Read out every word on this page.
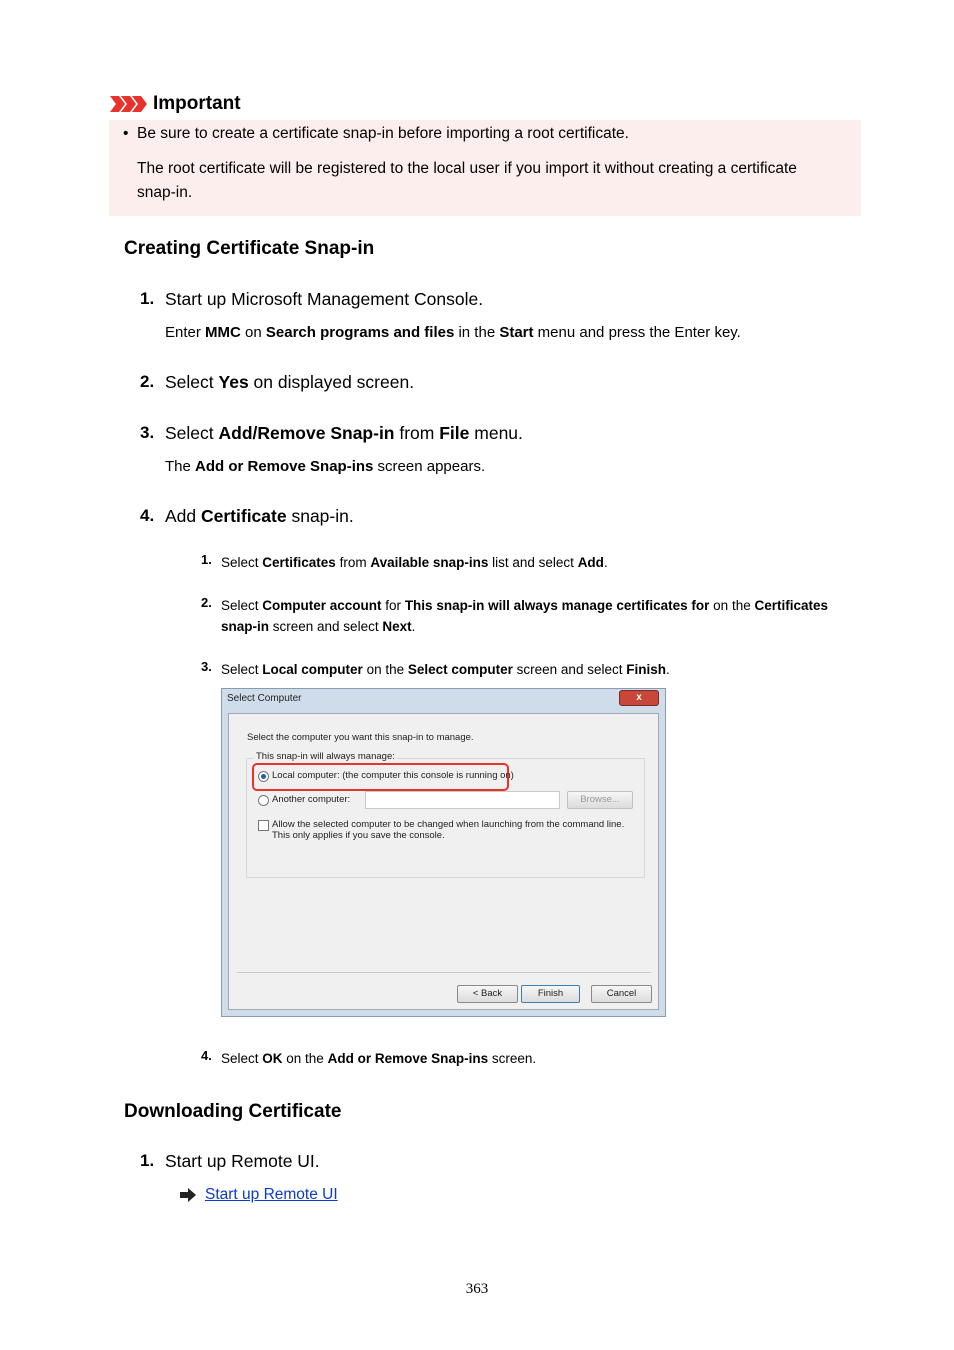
Important
• Be sure to create a certificate snap-in before importing a root certificate.
The root certificate will be registered to the local user if you import it without creating a certificate snap-in.
Creating Certificate Snap-in
1. Start up Microsoft Management Console.
Enter MMC on Search programs and files in the Start menu and press the Enter key.
2. Select Yes on displayed screen.
3. Select Add/Remove Snap-in from File menu.
The Add or Remove Snap-ins screen appears.
4. Add Certificate snap-in.
1. Select Certificates from Available snap-ins list and select Add.
2. Select Computer account for This snap-in will always manage certificates for on the Certificates snap-in screen and select Next.
3. Select Local computer on the Select computer screen and select Finish.
Select Computer	x
Select the computer you want this snap-in to manage.
This snap-in will always manage:
Local computer: (the computer this console is running on)
Another computer:	Browse...
Allow the selected computer to be changed when launching from the command line. This only applies if you save the console.
< Back	Finish	Cancel
4. Select OK on the Add or Remove Snap-ins screen.
Downloading Certificate
1. Start up Remote UI.
Start up Remote UI
363
